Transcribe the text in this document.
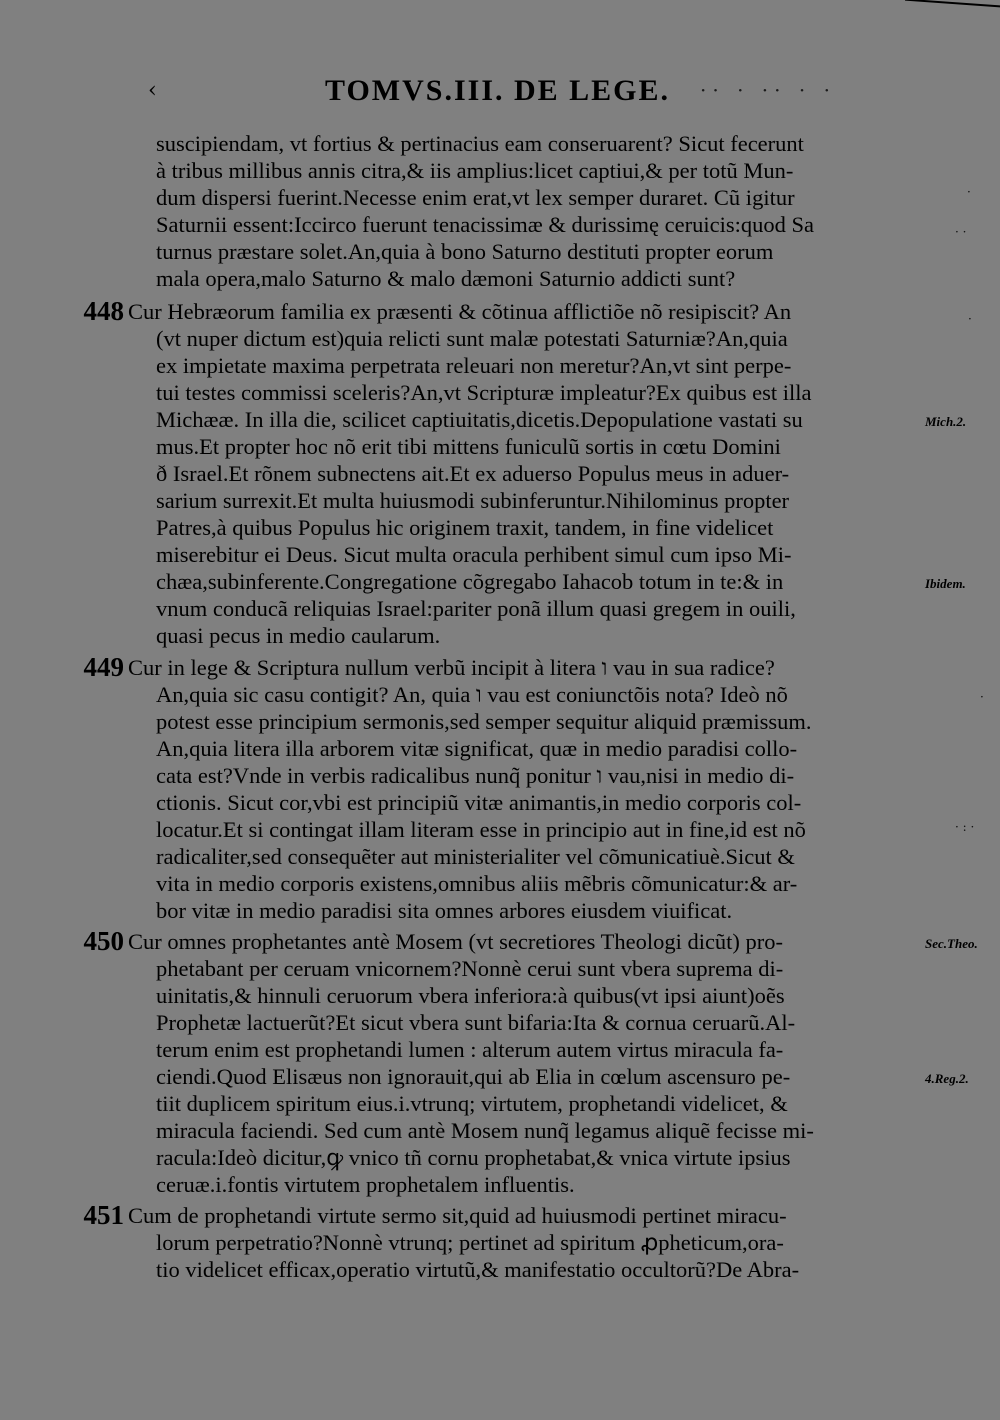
‹	TOMVS.III. DE LEGE. ·· · ·· · ·
suscipiendam, vt fortius & pertinacius eam conseruarent? Sicut fecerunt
à tribus millibus annis citra,& iis amplius:licet captiui,& per totũ Mun-
dum dispersi fuerint.Necesse enim erat,vt lex semper duraret. Cũ igitur
Saturnii essent:Iccirco fuerunt tenacissimæ & durissimę ceruicis:quod Sa
turnus præstare solet.An,quia à bono Saturno destituti propter eorum
mala opera,malo Saturno & malo dæmoni Saturnio addicti sunt?
448 Cur Hebræorum familia ex præsenti & cõtinua afflictiõe nõ resipiscit? An
(vt nuper dictum est)quia relicti sunt malæ potestati Saturniæ?An,quia
ex impietate maxima perpetrata releuari non meretur?An,vt sint perpe-
tui testes commissi sceleris?An,vt Scripturæ impleatur?Ex quibus est illa
Michææ. In illa die, scilicet captiuitatis,dicetis.Depopulatione vastati su	Mich.2.
mus.Et propter hoc nõ erit tibi mittens funiculũ sortis in cœtu Domini
ð Israel.Et rõnem subnectens ait.Et ex aduerso Populus meus in aduer-
sarium surrexit.Et multa huiusmodi subinferuntur.Nihilominus propter
Patres,à quibus Populus hic originem traxit, tandem, in fine videlicet
miserebitur ei Deus. Sicut multa oracula perhibent simul cum ipso Mi-
chæa,subinferente.Congregatione cõgregabo Iahacob totum in te:& in	Ibidem.
vnum conducã reliquias Israel:pariter ponã illum quasi gregem in ouili,
quasi pecus in medio caularum.
449 Cur in lege & Scriptura nullum verbũ incipit à litera ו vau in sua radice?
An,quia sic casu contigit? An, quia ו vau est coniunctõis nota? Ideò nõ
potest esse principium sermonis,sed semper sequitur aliquid præmissum.
An,quia litera illa arborem vitæ significat, quæ in medio paradisi collo-
cata est?Vnde in verbis radicalibus nunq̃ ponitur ו vau,nisi in medio di-
ctionis. Sicut cor,vbi est principiũ vitæ animantis,in medio corporis col-
locatur.Et si contingat illam literam esse in principio aut in fine,id est nõ
radicaliter,sed consequẽter aut ministerialiter vel cõmunicatiuè.Sicut &
vita in medio corporis existens,omnibus aliis mẽbris cõmunicatur:& ar-
bor vitæ in medio paradisi sita omnes arbores eiusdem viuificat.
450 Cur omnes prophetantes antè Mosem (vt secretiores Theologi dicũt) pro-	Sec.Theo.
phetabant per ceruam vnicornem?Nonnè cerui sunt vbera suprema di-
uinitatis,& hinnuli ceruorum vbera inferiora:à quibus(vt ipsi aiunt)oẽs
Prophetæ lactuerũt?Et sicut vbera sunt bifaria:Ita & cornua ceruarũ.Al-
terum enim est prophetandi lumen : alterum autem virtus miracula fa-
ciendi.Quod Elisæus non ignorauit,qui ab Elia in cœlum ascensuro pe-	4.Reg.2.
tiit duplicem spiritum eius.i.vtrunq; virtutem, prophetandi videlicet, &
miracula faciendi. Sed cum antè Mosem nunq̃ legamus aliquẽ fecisse mi-
racula:Ideò dicitur,ꝙ vnico tñ cornu prophetabat,& vnica virtute ipsius
ceruæ.i.fontis virtutem prophetalem influentis.
451 Cum de prophetandi virtute sermo sit,quid ad huiusmodi pertinet miracu-
lorum perpetratio?Nonnè vtrunq; pertinet ad spiritum ꝓpheticum,ora-
tio videlicet efficax,operatio virtutũ,& manifestatio occultorũ?De Abra-
·
· ·
·
·
· : ·
